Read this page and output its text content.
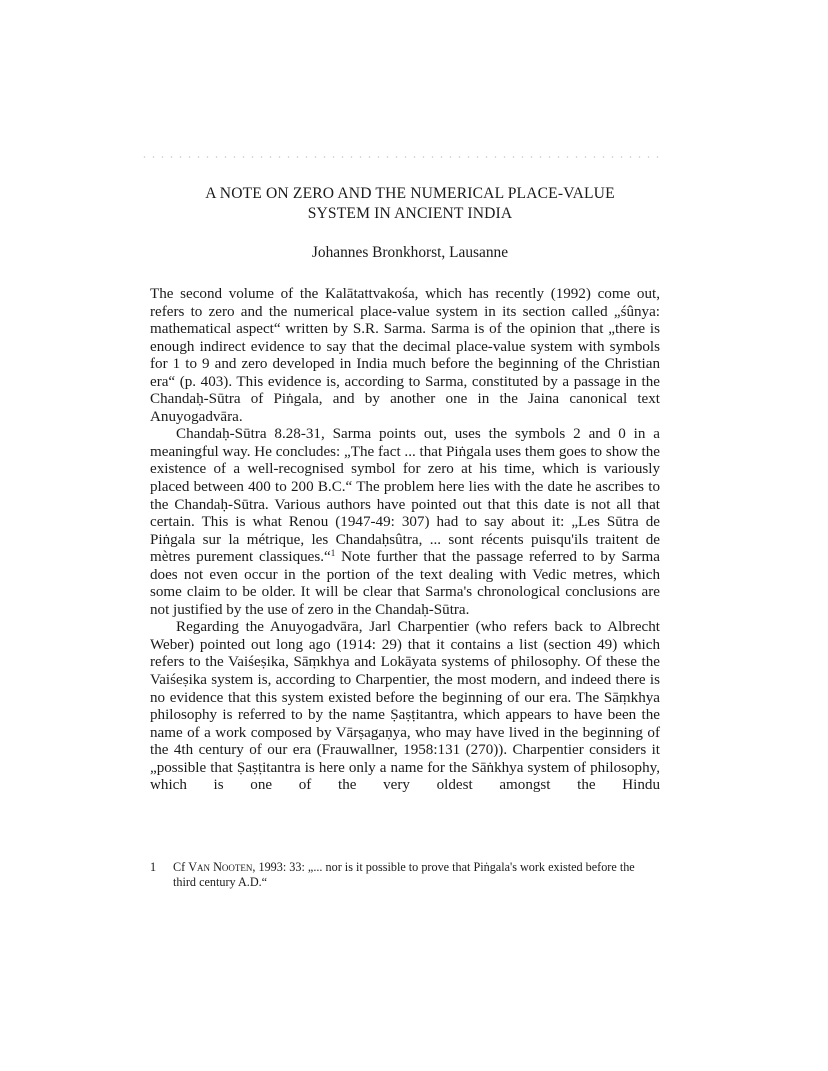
A NOTE ON ZERO AND THE NUMERICAL PLACE-VALUE
SYSTEM IN ANCIENT INDIA
Johannes Bronkhorst, Lausanne

The second volume of the Kalātattvakośa, which has recently (1992) come out, refers to zero and the numerical place-value system in its section called „śûnya: mathematical aspect“ written by S.R. Sarma. Sarma is of the opinion that „there is enough indirect evidence to say that the decimal place-value system with symbols for 1 to 9 and zero developed in India much before the beginning of the Christian era“ (p. 403). This evidence is, according to Sarma, constituted by a passage in the Chandaḥ-Sūtra of Piṅgala, and by another one in the Jaina canonical text Anuyogadvāra.

Chandaḥ-Sūtra 8.28-31, Sarma points out, uses the symbols 2 and 0 in a meaningful way. He concludes: „The fact ... that Piṅgala uses them goes to show the existence of a well-recognised symbol for zero at his time, which is variously placed between 400 to 200 B.C.“ The problem here lies with the date he ascribes to the Chandaḥ-Sūtra. Various authors have pointed out that this date is not all that certain. This is what Renou (1947-49: 307) had to say about it: „Les Sūtra de Piṅgala sur la métrique, les Chandaḥsûtra, ... sont récents puisqu'ils traitent de mètres purement classiques.“$^1$ Note further that the passage referred to by Sarma does not even occur in the portion of the text dealing with Vedic metres, which some claim to be older. It will be clear that Sarma's chronological conclusions are not justified by the use of zero in the Chandaḥ-Sūtra.

Regarding the Anuyogadvāra, Jarl Charpentier (who refers back to Albrecht Weber) pointed out long ago (1914: 29) that it contains a list (section 49) which refers to the Vaiśeṣika, Sāṃkhya and Lokāyata systems of philosophy. Of these the Vaiśeṣika system is, according to Charpentier, the most modern, and indeed there is no evidence that this system existed before the beginning of our era. The Sāṃkhya philosophy is referred to by the name Ṣaṣṭitantra, which appears to have been the name of a work composed by Vārṣagaṇya, who may have lived in the beginning of the 4th century of our era (Frauwallner, 1958:131 (270)). Charpentier considers it „possible that Ṣaṣṭitantra is here only a name for the Sāṅkhya system of philosophy, which is one of the very oldest amongst the Hindu

1	Cf Van Nooten, 1993: 33: „... nor is it possible to prove that Piṅgala's work existed before the third century A.D.“
